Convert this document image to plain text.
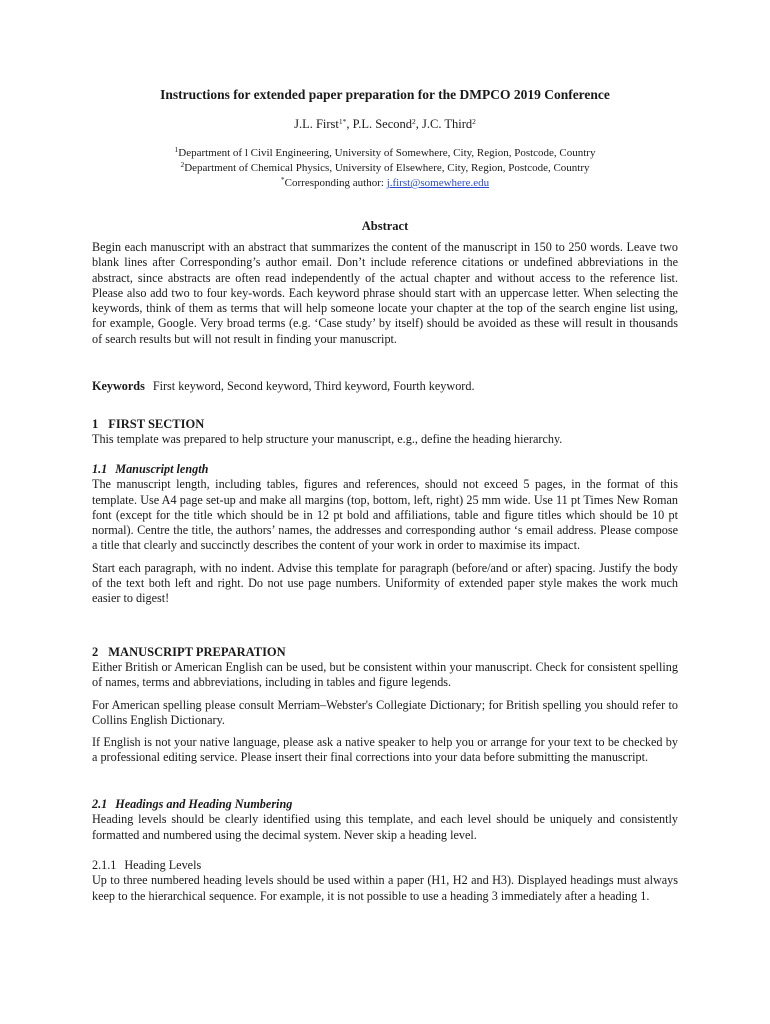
Instructions for extended paper preparation for the DMPCO 2019 Conference
J.L. First$^{1*}$, P.L. Second$^2$, J.C. Third$^2$
$^1$Department of l Civil Engineering, University of Somewhere, City, Region, Postcode, Country
$^2$Department of Chemical Physics, University of Elsewhere, City, Region, Postcode, Country
*Corresponding author: j.first@somewhere.edu
Abstract

Begin each manuscript with an abstract that summarizes the content of the manuscript in 150 to 250 words. Leave two blank lines after Corresponding’s author email. Don’t include reference citations or undefined abbreviations in the abstract, since abstracts are often read independently of the actual chapter and without access to the reference list. Please also add two to four key-words. Each keyword phrase should start with an uppercase letter. When selecting the keywords, think of them as terms that will help someone locate your chapter at the top of the search engine list using, for example, Google. Very broad terms (e.g. ‘Case study’ by itself) should be avoided as these will result in thousands of search results but will not result in finding your manuscript.

Keywords First keyword, Second keyword, Third keyword, Fourth keyword.

1 FIRST SECTION

This template was prepared to help structure your manuscript, e.g., define the heading hierarchy.

1.1 Manuscript length

The manuscript length, including tables, figures and references, should not exceed 5 pages, in the format of this template. Use A4 page set-up and make all margins (top, bottom, left, right) 25 mm wide. Use 11 pt Times New Roman font (except for the title which should be in 12 pt bold and affiliations, table and figure titles which should be 10 pt normal). Centre the title, the authors’ names, the addresses and corresponding author ‘s email address. Please compose a title that clearly and succinctly describes the content of your work in order to maximise its impact.

Start each paragraph, with no indent. Advise this template for paragraph (before/and or after) spacing. Justify the body of the text both left and right. Do not use page numbers. Uniformity of extended paper style makes the work much easier to digest!

2 MANUSCRIPT PREPARATION

Either British or American English can be used, but be consistent within your manuscript. Check for consistent spelling of names, terms and abbreviations, including in tables and figure legends.

For American spelling please consult Merriam–Webster's Collegiate Dictionary; for British spelling you should refer to Collins English Dictionary.

If English is not your native language, please ask a native speaker to help you or arrange for your text to be checked by a professional editing service. Please insert their final corrections into your data before submitting the manuscript.

2.1 Headings and Heading Numbering

Heading levels should be clearly identified using this template, and each level should be uniquely and consistently formatted and numbered using the decimal system. Never skip a heading level.

2.1.1 Heading Levels

Up to three numbered heading levels should be used within a paper (H1, H2 and H3). Displayed headings must always keep to the hierarchical sequence. For example, it is not possible to use a heading 3 immediately after a heading 1.
